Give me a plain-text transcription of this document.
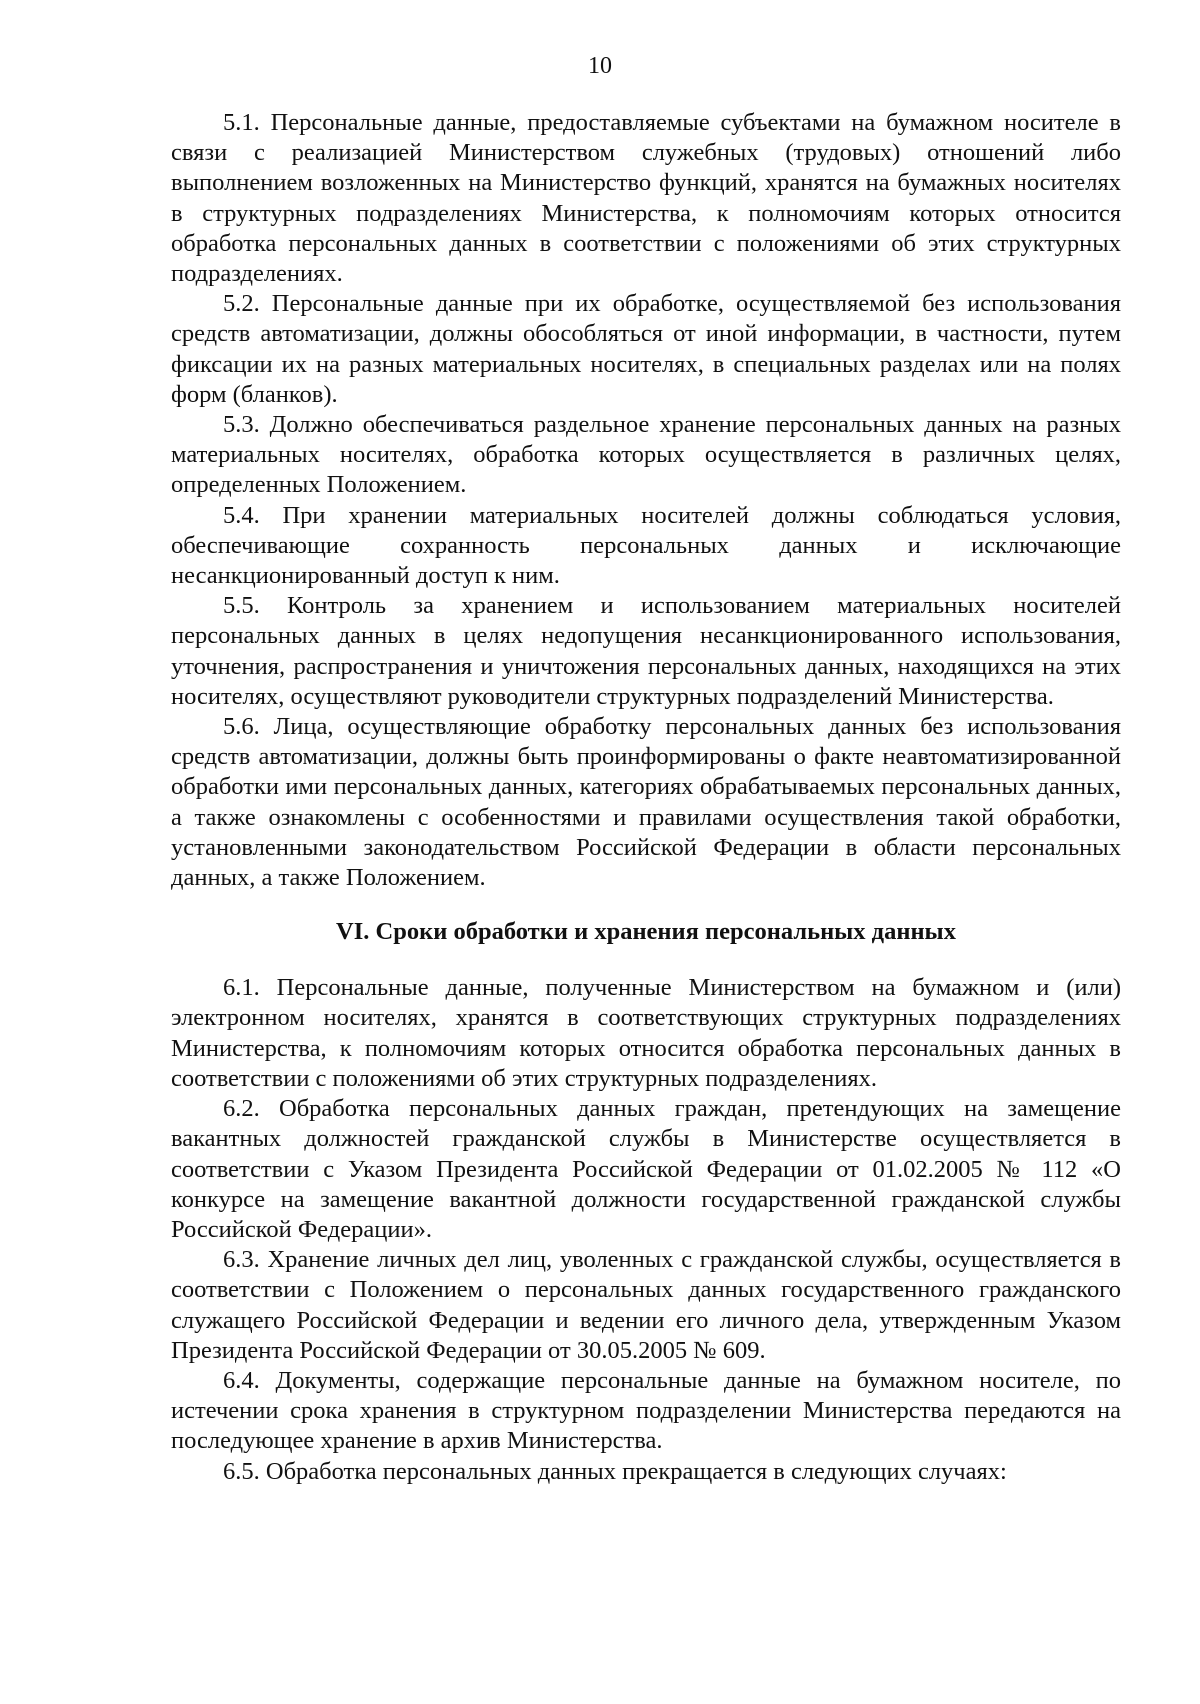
10

5.1. Персональные данные, предоставляемые субъектами на бумажном носителе в связи с реализацией Министерством служебных (трудовых) отношений либо выполнением возложенных на Министерство функций, хранятся на бумажных носителях в структурных подразделениях Министерства, к полномочиям которых относится обработка персональных данных в соответствии с положениями об этих структурных подразделениях.

5.2. Персональные данные при их обработке, осуществляемой без использования средств автоматизации, должны обособляться от иной информации, в частности, путем фиксации их на разных материальных носителях, в специальных разделах или на полях форм (бланков).

5.3. Должно обеспечиваться раздельное хранение персональных данных на разных материальных носителях, обработка которых осуществляется в различных целях, определенных Положением.

5.4. При хранении материальных носителей должны соблюдаться условия, обеспечивающие сохранность персональных данных и исключающие несанкционированный доступ к ним.

5.5. Контроль за хранением и использованием материальных носителей персональных данных в целях недопущения несанкционированного использования, уточнения, распространения и уничтожения персональных данных, находящихся на этих носителях, осуществляют руководители структурных подразделений Министерства.

5.6. Лица, осуществляющие обработку персональных данных без использования средств автоматизации, должны быть проинформированы о факте неавтоматизированной обработки ими персональных данных, категориях обрабатываемых персональных данных, а также ознакомлены с особенностями и правилами осуществления такой обработки, установленными законодательством Российской Федерации в области персональных данных, а также Положением.

VI. Сроки обработки и хранения персональных данных

6.1. Персональные данные, полученные Министерством на бумажном и (или) электронном носителях, хранятся в соответствующих структурных подразделениях Министерства, к полномочиям которых относится обработка персональных данных в соответствии с положениями об этих структурных подразделениях.

6.2. Обработка персональных данных граждан, претендующих на замещение вакантных должностей гражданской службы в Министерстве осуществляется в соответствии с Указом Президента Российской Федерации от 01.02.2005 № 112 «О конкурсе на замещение вакантной должности государственной гражданской службы Российской Федерации».

6.3. Хранение личных дел лиц, уволенных с гражданской службы, осуществляется в соответствии с Положением о персональных данных государственного гражданского служащего Российской Федерации и ведении его личного дела, утвержденным Указом Президента Российской Федерации от 30.05.2005 № 609.

6.4. Документы, содержащие персональные данные на бумажном носителе, по истечении срока хранения в структурном подразделении Министерства передаются на последующее хранение в архив Министерства.

6.5. Обработка персональных данных прекращается в следующих случаях:
